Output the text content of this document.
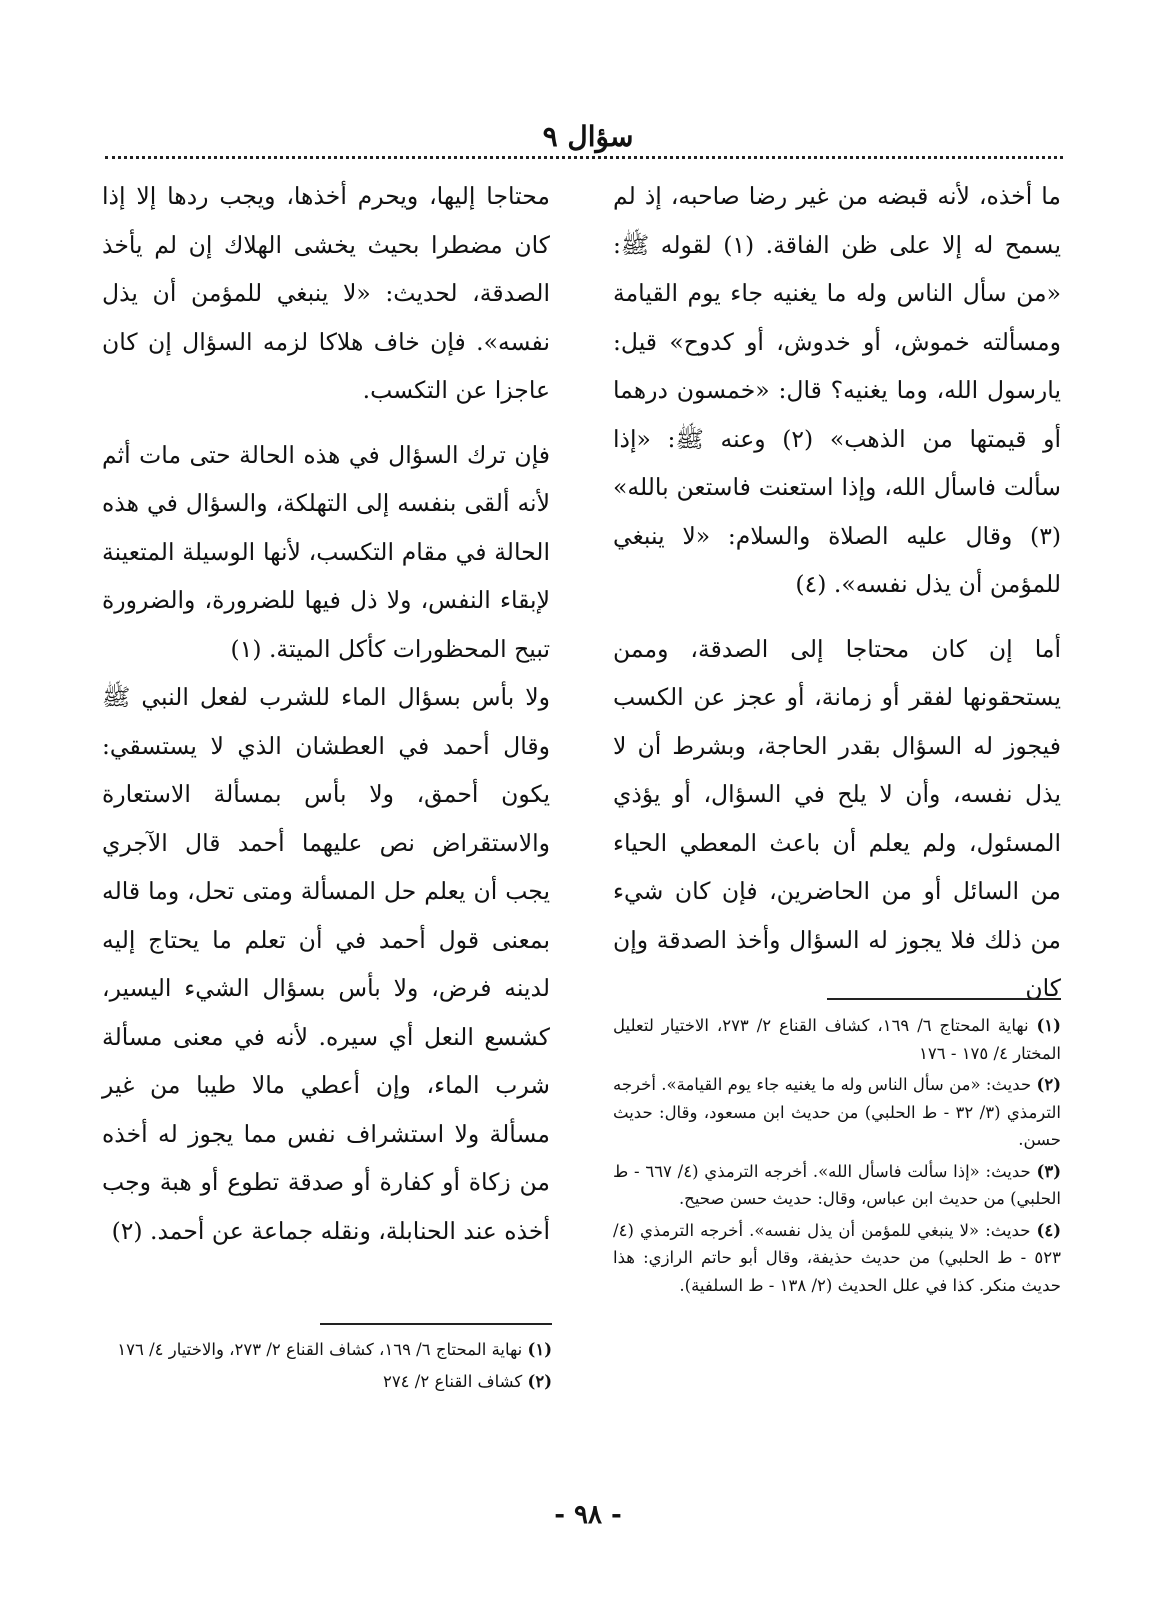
سؤال ٩

ما أخذه، لأنه قبضه من غير رضا صاحبه، إذ لم يسمح له إلا على ظن الفاقة. (١) لقوله ﷺ: «من سأل الناس وله ما يغنيه جاء يوم القيامة ومسألته خموش، أو خدوش، أو كدوح» قيل: يارسول الله، وما يغنيه؟ قال: «خمسون درهما أو قيمتها من الذهب» (٢) وعنه ﷺ: «إذا سألت فاسأل الله، وإذا استعنت فاستعن بالله» (٣) وقال عليه الصلاة والسلام: «لا ينبغي للمؤمن أن يذل نفسه». (٤)

أما إن كان محتاجا إلى الصدقة، وممن يستحقونها لفقر أو زمانة، أو عجز عن الكسب فيجوز له السؤال بقدر الحاجة، وبشرط أن لا يذل نفسه، وأن لا يلح في السؤال، أو يؤذي المسئول، ولم يعلم أن باعث المعطي الحياء من السائل أو من الحاضرين، فإن كان شيء من ذلك فلا يجوز له السؤال وأخذ الصدقة وإن كان

محتاجا إليها، ويحرم أخذها، ويجب ردها إلا إذا كان مضطرا بحيث يخشى الهلاك إن لم يأخذ الصدقة، لحديث: «لا ينبغي للمؤمن أن يذل نفسه». فإن خاف هلاكا لزمه السؤال إن كان عاجزا عن التكسب.

فإن ترك السؤال في هذه الحالة حتى مات أثم لأنه ألقى بنفسه إلى التهلكة، والسؤال في هذه الحالة في مقام التكسب، لأنها الوسيلة المتعينة لإبقاء النفس، ولا ذل فيها للضرورة، والضرورة تبيح المحظورات كأكل الميتة. (١)

ولا بأس بسؤال الماء للشرب لفعل النبي ﷺ وقال أحمد في العطشان الذي لا يستسقي: يكون أحمق، ولا بأس بمسألة الاستعارة والاستقراض نص عليهما أحمد قال الآجري يجب أن يعلم حل المسألة ومتى تحل، وما قاله بمعنى قول أحمد في أن تعلم ما يحتاج إليه لدينه فرض، ولا بأس بسؤال الشيء اليسير، كشسع النعل أي سيره. لأنه في معنى مسألة شرب الماء، وإن أعطي مالا طيبا من غير مسألة ولا استشراف نفس مما يجوز له أخذه من زكاة أو كفارة أو صدقة تطوع أو هبة وجب أخذه عند الحنابلة، ونقله جماعة عن أحمد. (٢)

(١) نهاية المحتاج ٦/ ١٦٩، كشاف القناع ٢/ ٢٧٣، الاختيار لتعليل المختار ٤/ ١٧٥ - ١٧٦

(٢) حديث: «من سأل الناس وله ما يغنيه جاء يوم القيامة». أخرجه الترمذي (٣/ ٣٢ - ط الحلبي) من حديث ابن مسعود، وقال: حديث حسن.

(٣) حديث: «إذا سألت فاسأل الله». أخرجه الترمذي (٤/ ٦٦٧ - ط الحلبي) من حديث ابن عباس، وقال: حديث حسن صحيح.

(٤) حديث: «لا ينبغي للمؤمن أن يذل نفسه». أخرجه الترمذي (٤/ ٥٢٣ - ط الحلبي) من حديث حذيفة، وقال أبو حاتم الرازي: هذا حديث منكر. كذا في علل الحديث (٢/ ١٣٨ - ط السلفية).

(١) نهاية المحتاج ٦/ ١٦٩، كشاف القناع ٢/ ٢٧٣، والاختيار ٤/ ١٧٦

(٢) كشاف القناع ٢/ ٢٧٤

- ٩٨ -
